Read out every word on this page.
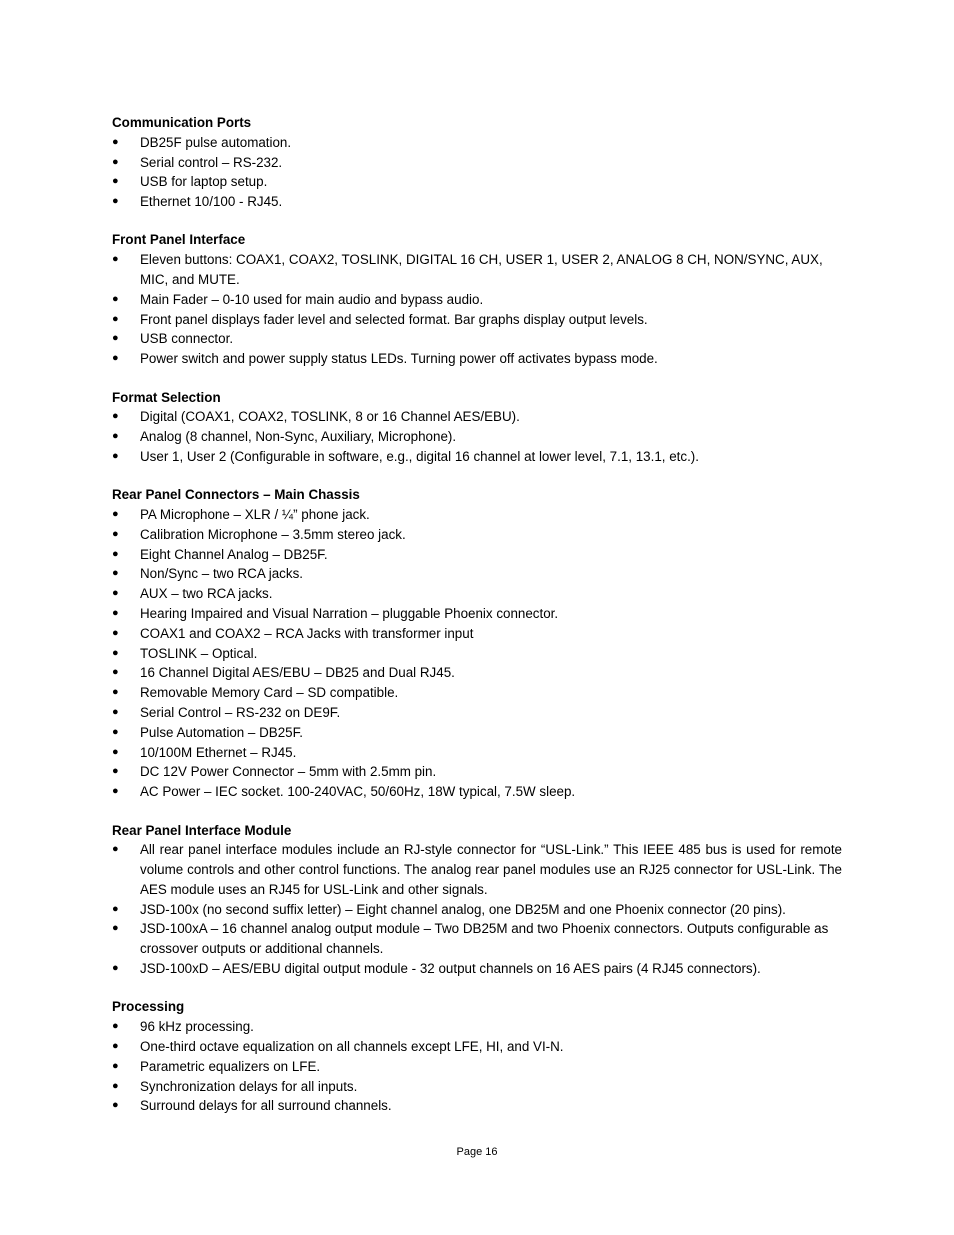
Communication Ports
● DB25F pulse automation.
● Serial control – RS-232.
● USB for laptop setup.
● Ethernet 10/100 - RJ45.
Front Panel Interface
● Eleven buttons: COAX1, COAX2, TOSLINK, DIGITAL 16 CH, USER 1, USER 2, ANALOG 8 CH, NON/SYNC, AUX, MIC, and MUTE.
● Main Fader – 0-10 used for main audio and bypass audio.
● Front panel displays fader level and selected format. Bar graphs display output levels.
● USB connector.
● Power switch and power supply status LEDs. Turning power off activates bypass mode.
Format Selection
● Digital (COAX1, COAX2, TOSLINK, 8 or 16 Channel AES/EBU).
● Analog (8 channel, Non-Sync, Auxiliary, Microphone).
● User 1, User 2 (Configurable in software, e.g., digital 16 channel at lower level, 7.1, 13.1, etc.).
Rear Panel Connectors – Main Chassis
● PA Microphone – XLR / ¼” phone jack.
● Calibration Microphone – 3.5mm stereo jack.
● Eight Channel Analog – DB25F.
● Non/Sync – two RCA jacks.
● AUX – two RCA jacks.
● Hearing Impaired and Visual Narration – pluggable Phoenix connector.
● COAX1 and COAX2 – RCA Jacks with transformer input
● TOSLINK – Optical.
● 16 Channel Digital AES/EBU – DB25 and Dual RJ45.
● Removable Memory Card – SD compatible.
● Serial Control – RS-232 on DE9F.
● Pulse Automation – DB25F.
● 10/100M Ethernet – RJ45.
● DC 12V Power Connector – 5mm with 2.5mm pin.
● AC Power – IEC socket. 100-240VAC, 50/60Hz, 18W typical, 7.5W sleep.
Rear Panel Interface Module
● All rear panel interface modules include an RJ-style connector for “USL-Link.” This IEEE 485 bus is used for remote volume controls and other control functions. The analog rear panel modules use an RJ25 connector for USL-Link. The AES module uses an RJ45 for USL-Link and other signals.
● JSD-100x (no second suffix letter) – Eight channel analog, one DB25M and one Phoenix connector (20 pins).
● JSD-100xA – 16 channel analog output module – Two DB25M and two Phoenix connectors. Outputs configurable as crossover outputs or additional channels.
● JSD-100xD – AES/EBU digital output module - 32 output channels on 16 AES pairs (4 RJ45 connectors).
Processing
● 96 kHz processing.
● One-third octave equalization on all channels except LFE, HI, and VI-N.
● Parametric equalizers on LFE.
● Synchronization delays for all inputs.
● Surround delays for all surround channels.
Page 16
